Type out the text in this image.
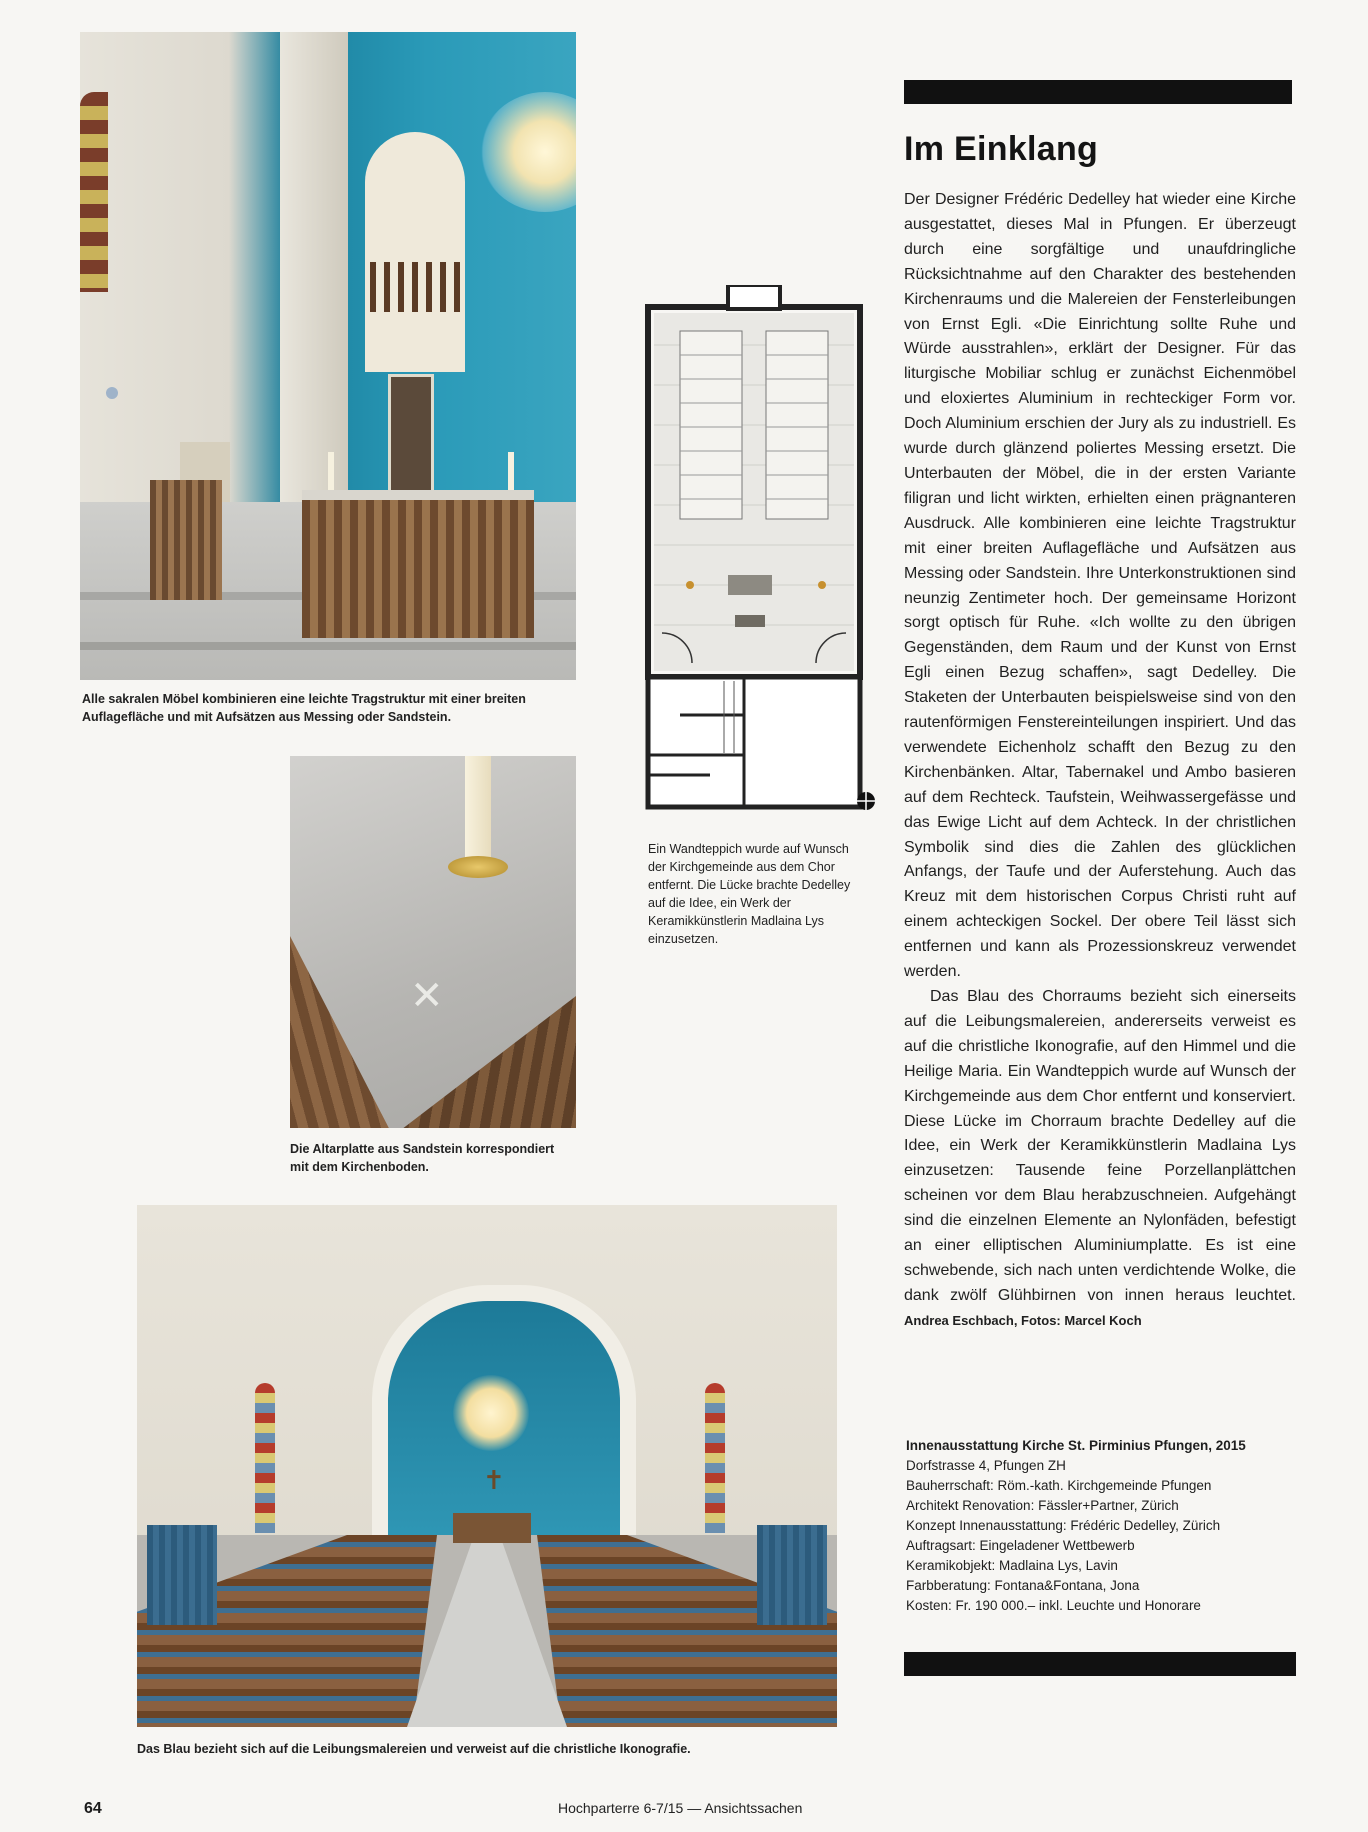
Alle sakralen Möbel kombinieren eine leichte Tragstruktur mit einer breiten Auflagefläche und mit Aufsätzen aus Messing oder Sandstein.
✕
Die Altarplatte aus Sandstein korrespondiert mit dem Kirchenboden.
Ein Wandteppich wurde auf Wunsch der Kirchgemeinde aus dem Chor entfernt. Die Lücke brachte Dedelley auf die Idee, ein Werk der Keramikkünstlerin Madlaina Lys einzusetzen.
✝
Das Blau bezieht sich auf die Leibungsmalereien und verweist auf die christliche Ikonografie.
Im Einklang

Der Designer Frédéric Dedelley hat wieder eine Kirche ausgestattet, dieses Mal in Pfungen. Er überzeugt durch eine sorgfältige und unaufdringliche Rücksichtnahme auf den Charakter des bestehenden Kirchenraums und die Malereien der Fensterleibungen von Ernst Egli. «Die Einrichtung sollte Ruhe und Würde ausstrahlen», erklärt der Designer. Für das liturgische Mobiliar schlug er zunächst Eichenmöbel und eloxiertes Aluminium in rechteckiger Form vor. Doch Aluminium erschien der Jury als zu industriell. Es wurde durch glänzend poliertes Messing ersetzt. Die Unterbauten der Möbel, die in der ersten Variante filigran und licht wirkten, erhielten einen prägnanteren Ausdruck. Alle kombinieren eine leichte Tragstruktur mit einer breiten Auflagefläche und Aufsätzen aus Messing oder Sandstein. Ihre Unterkonstruktionen sind neunzig Zentimeter hoch. Der gemeinsame Horizont sorgt optisch für Ruhe. «Ich wollte zu den übrigen Gegenständen, dem Raum und der Kunst von Ernst Egli einen Bezug schaffen», sagt Dedelley. Die Staketen der Unterbauten beispielsweise sind von den rautenförmigen Fenstereinteilungen inspiriert. Und das verwendete Eichenholz schafft den Bezug zu den Kirchenbänken. Altar, Tabernakel und Ambo basieren auf dem Rechteck. Taufstein, Weihwassergefässe und das Ewige Licht auf dem Achteck. In der christlichen Symbolik sind dies die Zahlen des glücklichen Anfangs, der Taufe und der Auferstehung. Auch das Kreuz mit dem historischen Corpus Christi ruht auf einem achteckigen Sockel. Der obere Teil lässt sich entfernen und kann als Prozessionskreuz verwendet werden.

Das Blau des Chorraums bezieht sich einerseits auf die Leibungsmalereien, andererseits verweist es auf die christliche Ikonografie, auf den Himmel und die Heilige Maria. Ein Wandteppich wurde auf Wunsch der Kirchgemeinde aus dem Chor entfernt und konserviert. Diese Lücke im Chorraum brachte Dedelley auf die Idee, ein Werk der Keramikkünstlerin Madlaina Lys einzusetzen: Tausende feine Porzellanplättchen scheinen vor dem Blau herabzuschneien. Aufgehängt sind die einzelnen Elemente an Nylonfäden, befestigt an einer elliptischen Aluminiumplatte. Es ist eine schwebende, sich nach unten verdichtende Wolke, die dank zwölf Glühbirnen von innen heraus leuchtet. Andrea Eschbach, Fotos: Marcel Koch

Innenausstattung Kirche St. Pirminius Pfungen, 2015
Dorfstrasse 4, Pfungen ZH
Bauherrschaft: Röm.-kath. Kirchgemeinde Pfungen
Architekt Renovation: Fässler+Partner, Zürich
Konzept Innenausstattung: Frédéric Dedelley, Zürich
Auftragsart: Eingeladener Wettbewerb
Keramikobjekt: Madlaina Lys, Lavin
Farbberatung: Fontana&Fontana, Jona
Kosten: Fr. 190 000.– inkl. Leuchte und Honorare
64	Hochparterre 6-7/15 — Ansichtssachen
